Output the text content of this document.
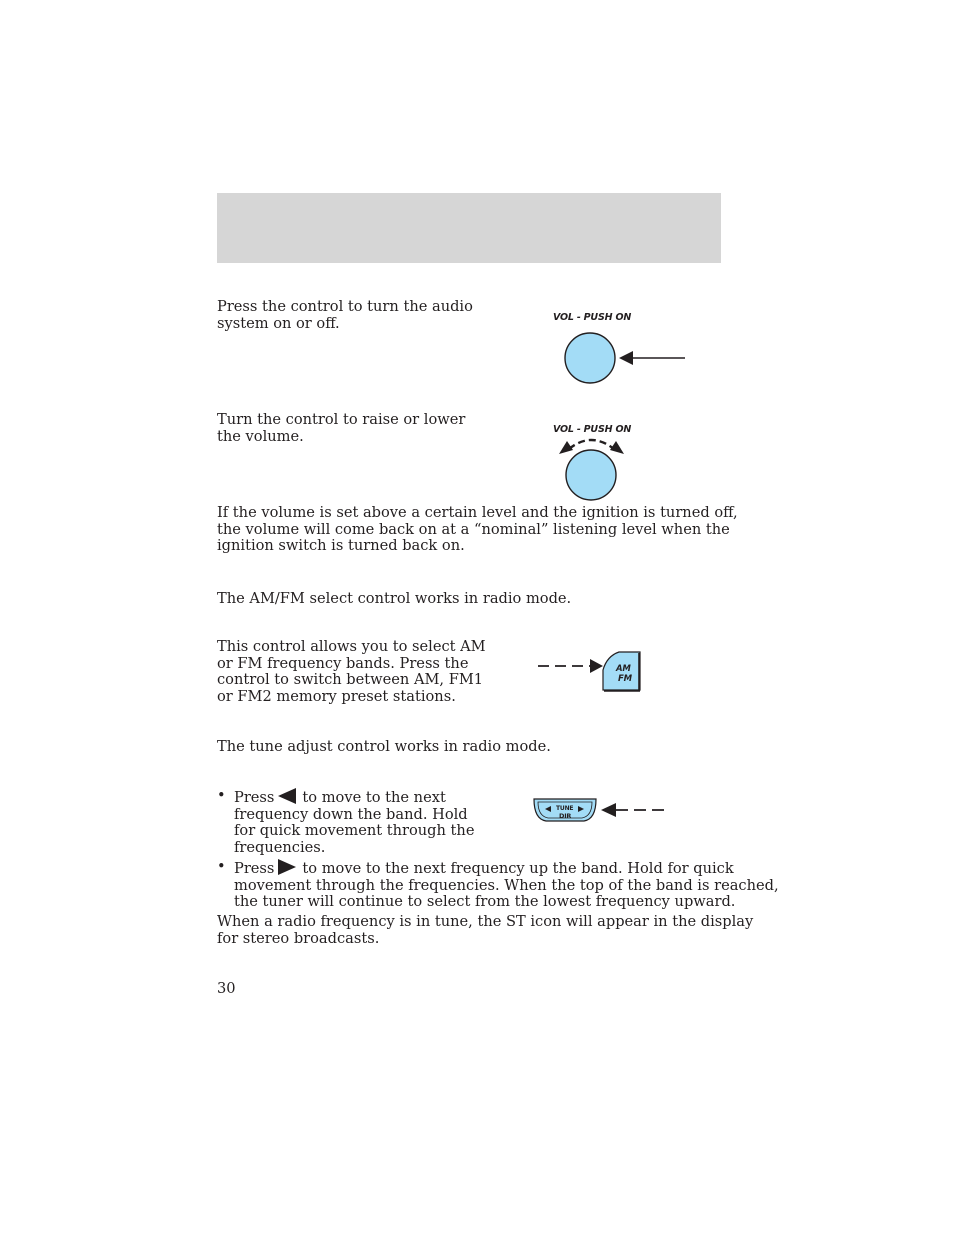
Press the control to turn the audio
system on or off.	VOL - PUSH ON

Turn the control to raise or lower
the volume.	VOL - PUSH ON

If the volume is set above a certain level and the ignition is turned off,
the volume will come back on at a “nominal” listening level when the
ignition switch is turned back on.

The AM/FM select control works in radio mode.

This control allows you to select AM
or FM frequency bands. Press the
control to switch between AM, FM1
or FM2 memory preset stations.

AM
FM

The tune adjust control works in radio mode.

• Press to move to the next
frequency down the band. Hold
for quick movement through the
frequencies.
TUNE
DIR
• Press to move to the next frequency up the band. Hold for quick
movement through the frequencies. When the top of the band is reached,
the tuner will continue to select from the lowest frequency upward.

When a radio frequency is in tune, the ST icon will appear in the display
for stereo broadcasts.

30
